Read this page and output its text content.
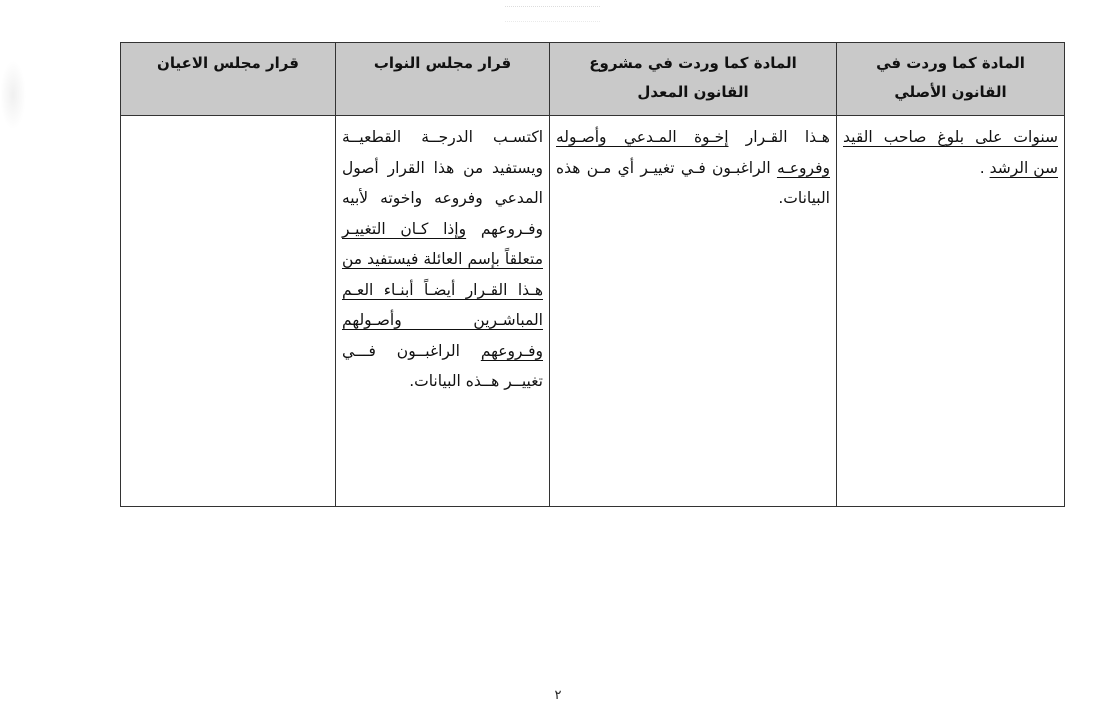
المادة كما وردت في القانون الأصلي	المادة كما وردت في مشروع القانون المعدل	قرار مجلس النواب	قرار مجلس الاعيان
سنوات على بلوغ صاحب القيد سن الرشد .	هـذا القـرار إخـوة المـدعي وأصـوله وفروعـه الراغبـون فـي تغييـر أي مـن هذه البيانات.	اكتسـب الدرجــة القطعيــة ويستفيد من هذا القرار أصول المدعي وفروعه واخوته لأبيه وفـروعهم وإذا كـان التغييـر متعلقاً بإسم العائلة فيستفيد من هـذا القـرار أيضـاً أبنـاء العـم المباشـرين وأصـولهم وفـروعهم الراغبــون فـــي تغييــر هــذه البيانات.	
٢
